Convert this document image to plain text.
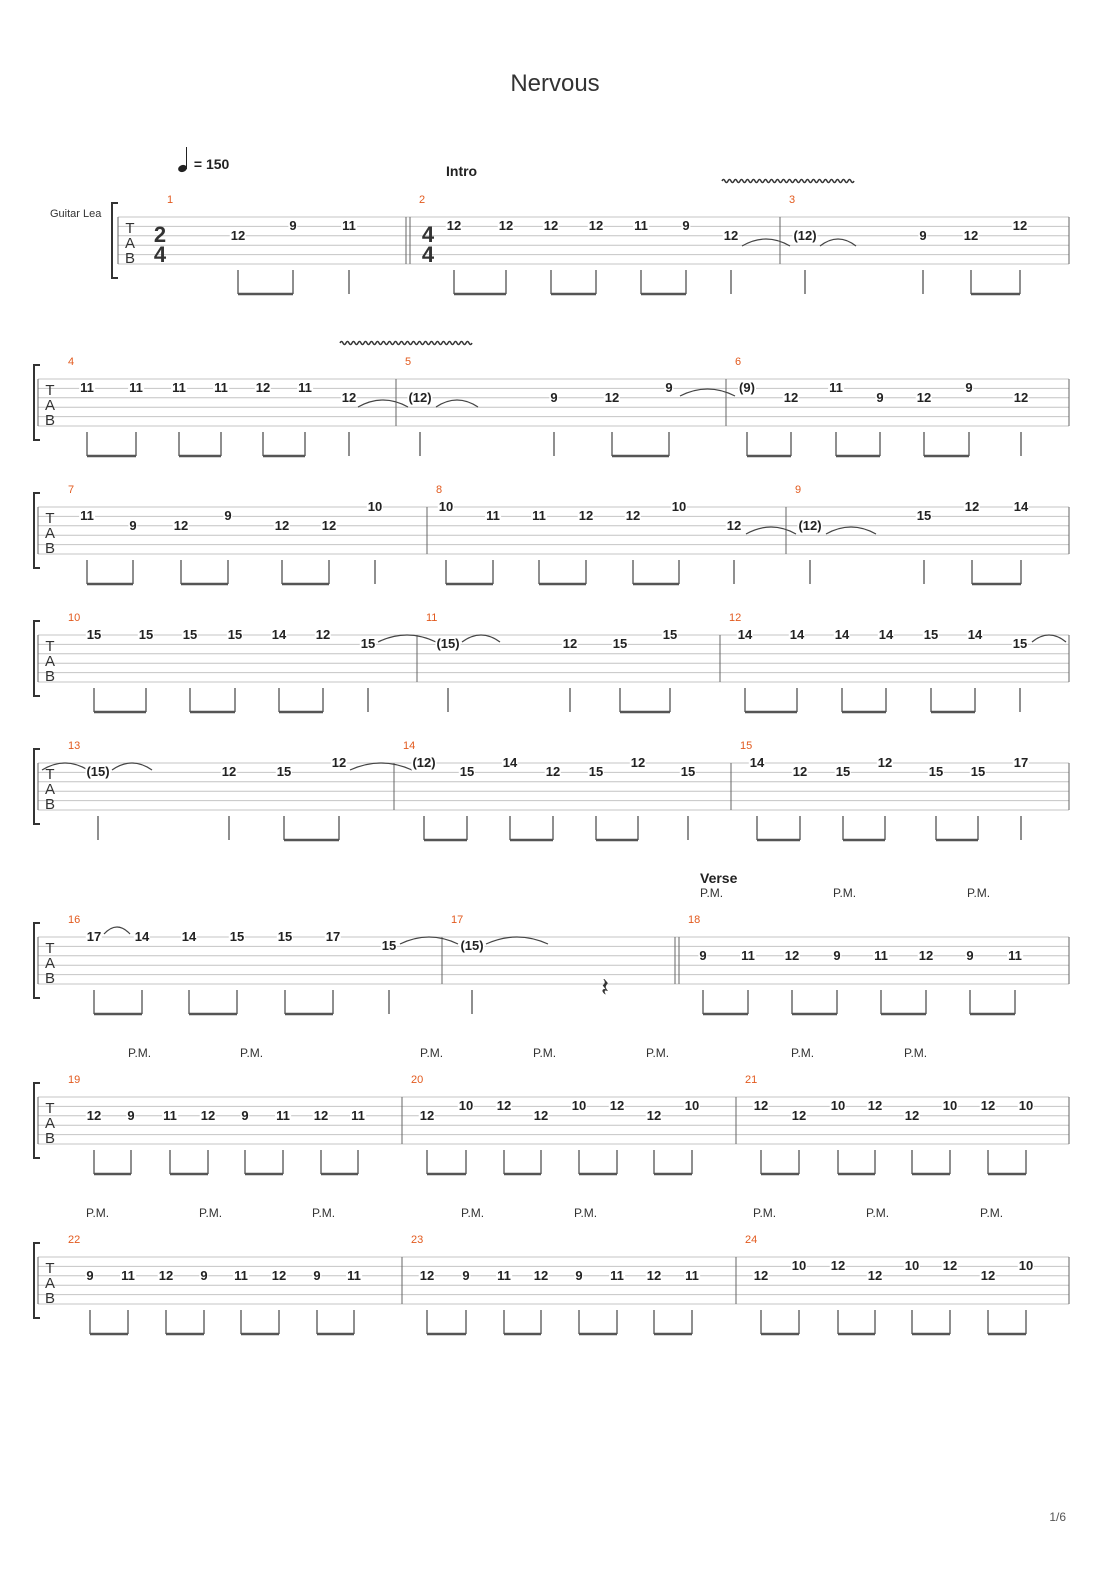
Nervous
= 150
Guitar Lea
Intro
Verse
P.M.	P.M.	P.M.
P.M.	P.M.	P.M.	P.M.	P.M.	P.M.	P.M.
P.M.	P.M.	P.M.	P.M.	P.M.	P.M.	P.M.	P.M.
1/6
T
A
B
T
A
B
T
A
B
T
A
B
T
A
B
T
A
B
T
A
B
T
A
B
2
4
4
4
𝄽
1
12
9	11
2
12	12 12 12 11	9
12
3
(12)	9	12
12
4
11	11 11 11 12 11
12
5
(12)	9	12
9
6
(9)
12
11
9	12
9
12
7
11
9	12
9
12	12
10
8
10
11 11	12	12
10
12
9
(12)
15
12	14
10
15	15 15 15 14 12
15
11
(15)	12	15
15
12
14	14 14 14 15 14
15
13
(15)	12	15
12
14
(12)
15
14
12 15
12
15
15
14
12 15
12
15 15
17
16
17	14	14	15	15	17
15
17
(15)
18
9	11 12	9	11 12	9	11
19
12 9 11 12 9 11 12 11
20
12
10 12
12
10 12
12
10
21
12
12
10 12
12
10 12 10
22
9 11 12 9 11 12 9 11
23
12 9 11 12 9 11 12 11
24
12
10 12
12
10 12
12
10
